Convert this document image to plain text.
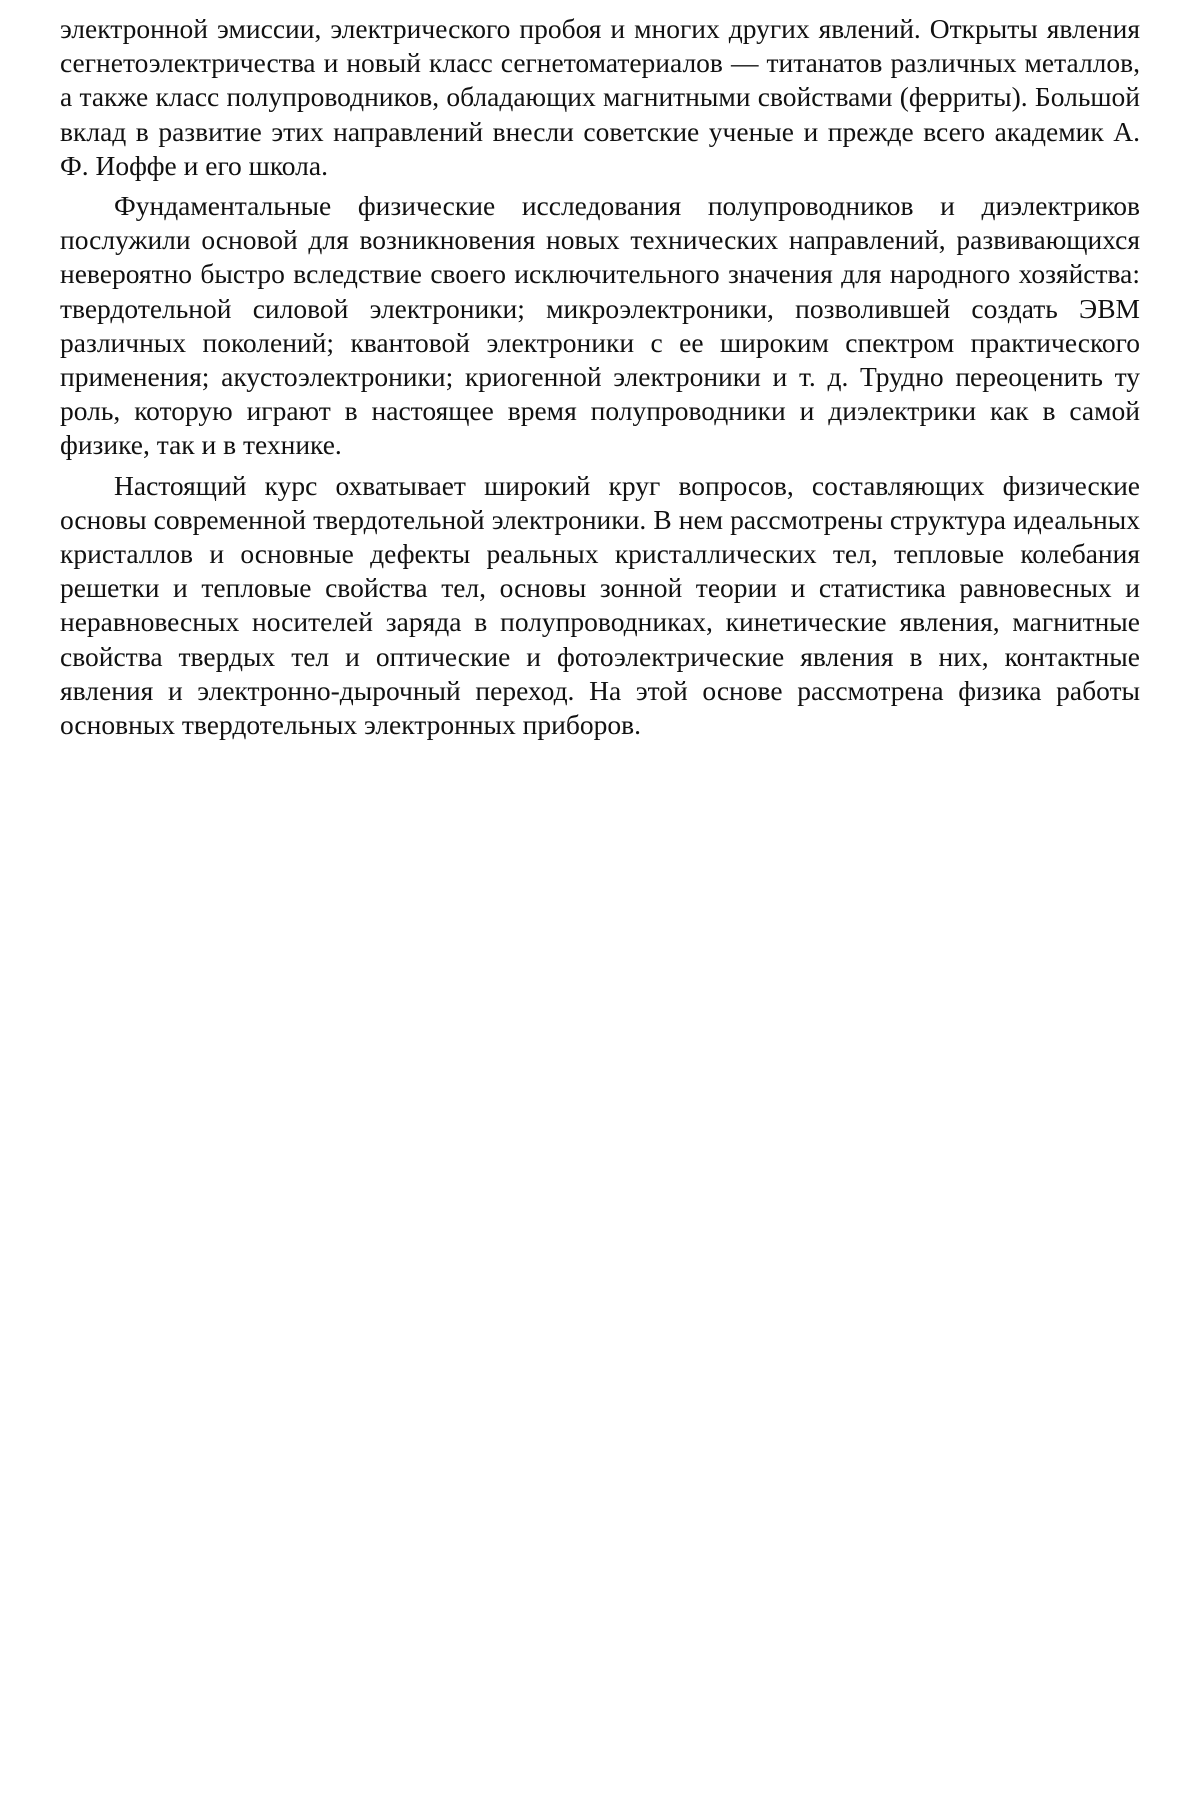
электронной эмиссии, электрического пробоя и многих других явлений. Открыты явления сегнетоэлектричества и новый класс сегнетоматериалов — титанатов различных металлов, а также класс полупроводников, обладающих магнитными свойствами (ферриты). Большой вклад в развитие этих направлений внесли советские ученые и прежде всего академик А. Ф. Иоффе и его школа.

Фундаментальные физические исследования полупроводников и диэлектриков послужили основой для возникновения новых технических направлений, развивающихся невероятно быстро вследствие своего исключительного значения для народного хозяйства: твердотельной силовой электроники; микроэлектроники, позволившей создать ЭВМ различных поколений; квантовой электроники с ее широким спектром практического применения; акустоэлектроники; криогенной электроники и т. д. Трудно переоценить ту роль, которую играют в настоящее время полупроводники и диэлектрики как в самой физике, так и в технике.

Настоящий курс охватывает широкий круг вопросов, составляющих физические основы современной твердотельной электроники. В нем рассмотрены структура идеальных кристаллов и основные дефекты реальных кристаллических тел, тепловые колебания решетки и тепловые свойства тел, основы зонной теории и статистика равновесных и неравновесных носителей заряда в полупроводниках, кинетические явления, магнитные свойства твердых тел и оптические и фотоэлектрические явления в них, контактные явления и электронно-дырочный переход. На этой основе рассмотрена физика работы основных твердотельных электронных приборов.
